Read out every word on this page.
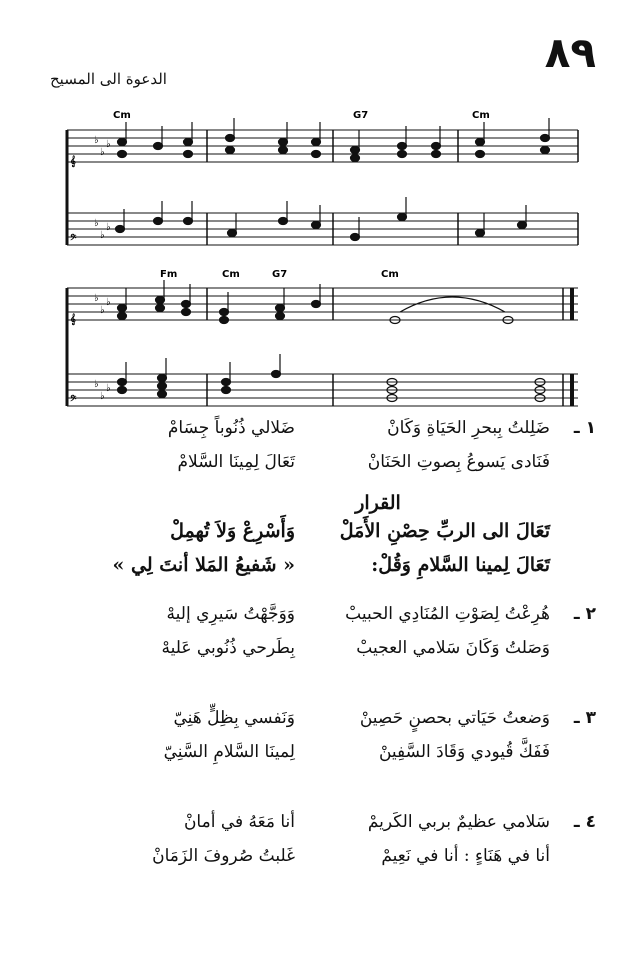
٨٩
الدعوة الى المسيح
Cm	G7	Cm
𝄞
𝄢
♭
♭
♭
♭
♭
♭
Fm	Cm	G7	Cm
𝄞
𝄢
♭
♭
♭
♭
♭
♭
١ ـ
ضَلِلتُ بِبحرِ الحَيَاةِ وَكَانْ
ضَلالي ذُنُوباً جِسَامْ
فَنَادى يَسوعُ بِصوتِ الحَنَانْ
تَعَالَ لِمِينَا السَّلامْ
القرار
تَعَالَ الى الربِّ حِصْنِ الأَمَلْ
وَأَسْرِعْ وَلاَ تُهمِلْ
تَعَالَ لِمينا السَّلامِ وَقُلْ:
« شَفيعُ المَلا أنتَ لِي »
٢ ـ
هُرِعْتُ لِصَوْتِ المُنَادِي الحبيبْ
وَوَجَّهْتُ سَيرِي إليهْ
وَصَلتُ وَكَانَ سَلامي العجيبْ
بِطَرحي ذُنُوبي عَليهْ
٣ ـ
وَضعتُ حَيَاتي بحصنٍ حَصِينْ
وَنَفسي بِظِلٍّ هَنِيّ
فَفَكَّ قُيودي وَقَادَ السَّفِينْ
لِمينَا السَّلامِ السَّنِيّ
٤ ـ
سَلامي عظيمٌ بربي الكَريمْ
أنا مَعَهُ في أمانْ
أنا في هَنَاءٍ : أنا في نَعِيمْ
غَلبتُ صُروفَ الزَمَانْ
